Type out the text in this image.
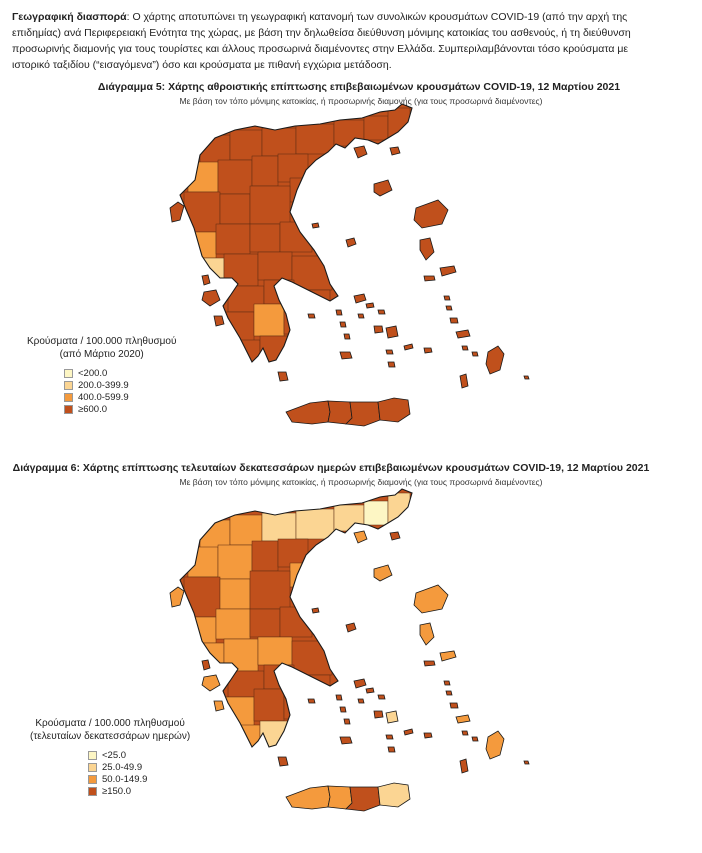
Γεωγραφική διασπορά: Ο χάρτης αποτυπώνει τη γεωγραφική κατανομή των συνολικών κρουσμάτων COVID-19 (από την αρχή της επιδημίας) ανά Περιφερειακή Ενότητα της χώρας, με βάση την δηλωθείσα διεύθυνση μόνιμης κατοικίας του ασθενούς, ή τη διεύθυνση προσωρινής διαμονής για τους τουρίστες και άλλους προσωρινά διαμένοντες στην Ελλάδα. Συμπεριλαμβάνονται τόσο κρούσματα με ιστορικό ταξιδίου (“εισαγόμενα”) όσο και κρούσματα με πιθανή εγχώρια μετάδοση.
Διάγραμμα 5: Χάρτης αθροιστικής επίπτωσης επιβεβαιωμένων κρουσμάτων COVID-19, 12 Μαρτίου 2021
Με βάση τον τόπο μόνιμης κατοικίας, ή προσωρινής διαμονής (για τους προσωρινά διαμένοντες)
Κρούσματα / 100.000 πληθυσμού
(από Μάρτιο 2020)
<200.0
200.0-399.9
400.0-599.9
≥600.0
Διάγραμμα 6: Χάρτης επίπτωσης τελευταίων δεκατεσσάρων ημερών επιβεβαιωμένων κρουσμάτων COVID-19, 12 Μαρτίου 2021
Με βάση τον τόπο μόνιμης κατοικίας, ή προσωρινής διαμονής (για τους προσωρινά διαμένοντες)
Κρούσματα / 100.000 πληθυσμού
(τελευταίων δεκατεσσάρων ημερών)
<25.0
25.0-49.9
50.0-149.9
≥150.0
